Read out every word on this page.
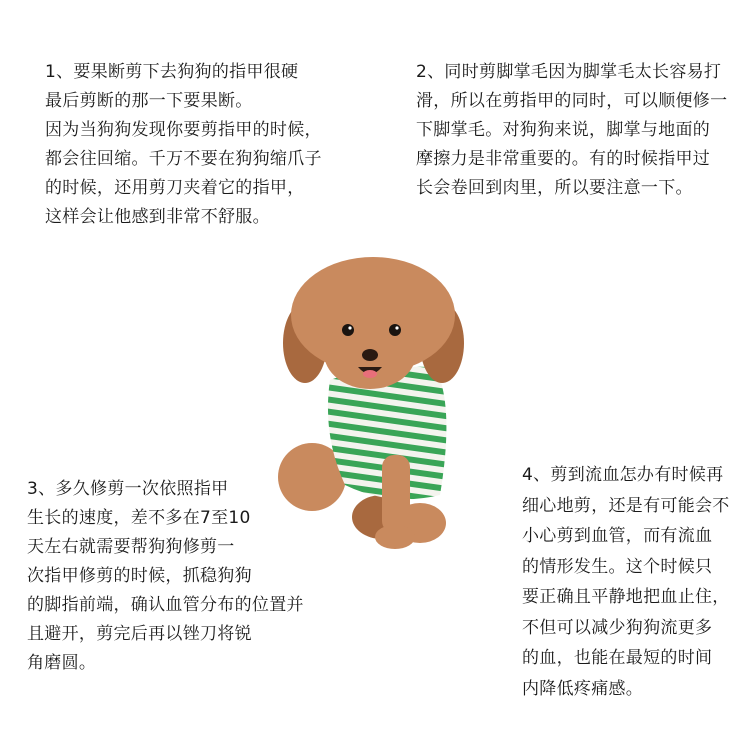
1、要果断剪下去狗狗的指甲很硬
最后剪断的那一下要果断。
因为当狗狗发现你要剪指甲的时候，
都会往回缩。千万不要在狗狗缩爪子
的时候，还用剪刀夹着它的指甲，
这样会让他感到非常不舒服。
2、同时剪脚掌毛因为脚掌毛太长容易打
滑，所以在剪指甲的同时，可以顺便修一
下脚掌毛。对狗狗来说，脚掌与地面的
摩擦力是非常重要的。有的时候指甲过
长会卷回到肉里，所以要注意一下。
3、多久修剪一次依照指甲
生长的速度，差不多在7至10
天左右就需要帮狗狗修剪一
次指甲修剪的时候，抓稳狗狗
的脚指前端，确认血管分布的位置并
且避开，剪完后再以锉刀将锐
角磨圆。
4、剪到流血怎办有时候再
细心地剪，还是有可能会不
小心剪到血管，而有流血
的情形发生。这个时候只
要正确且平静地把血止住，
不但可以减少狗狗流更多
的血，也能在最短的时间
内降低疼痛感。
